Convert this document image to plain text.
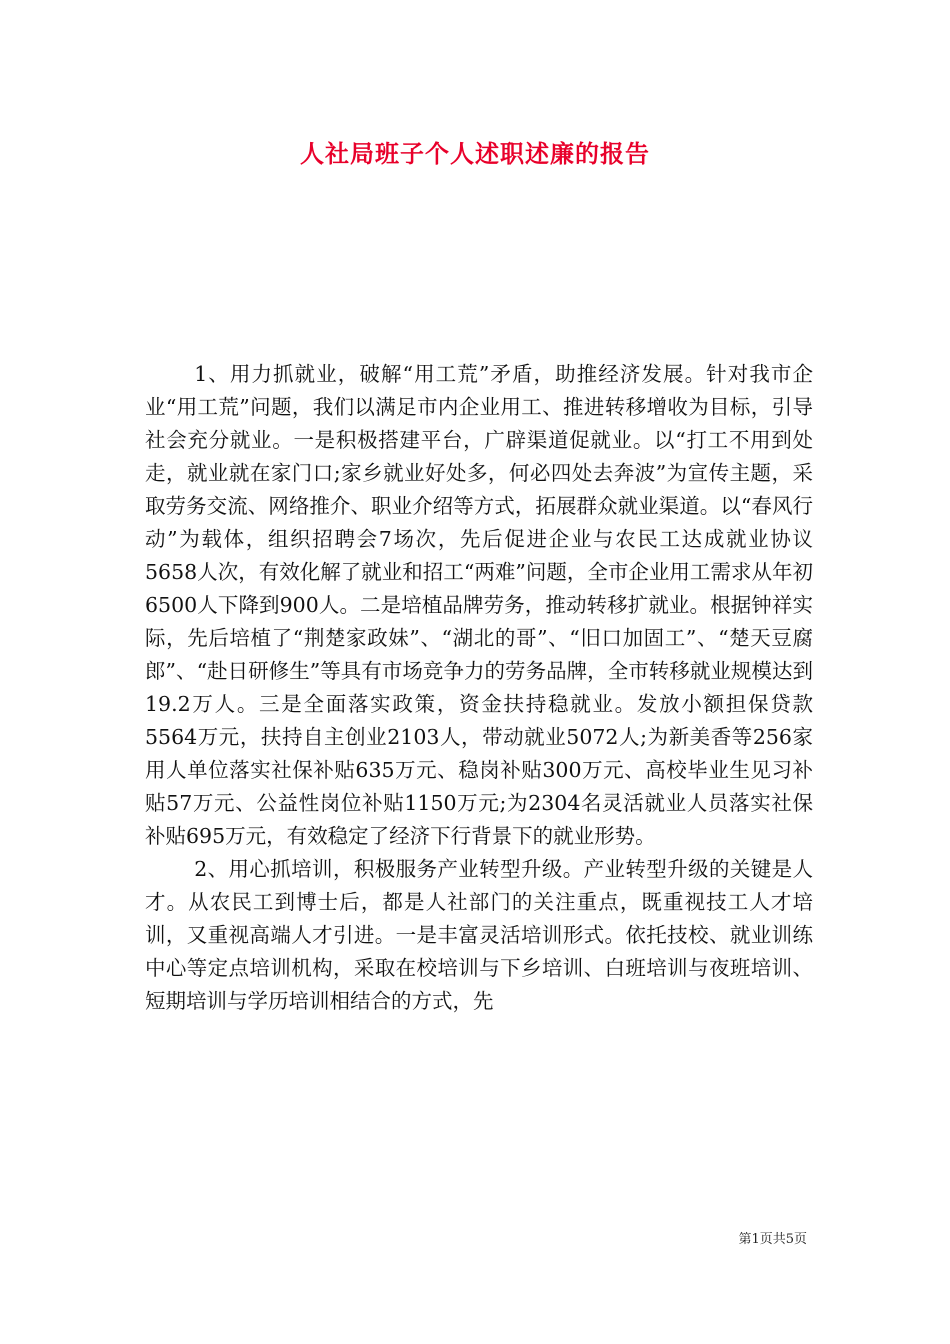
人社局班子个人述职述廉的报告

1、用力抓就业，破解“用工荒”矛盾，助推经济发展。针对我市企业“用工荒”问题，我们以满足市内企业用工、推进转移增收为目标，引导社会充分就业。一是积极搭建平台，广辟渠道促就业。以“打工不用到处走，就业就在家门口;家乡就业好处多，何必四处去奔波”为宣传主题，采取劳务交流、网络推介、职业介绍等方式，拓展群众就业渠道。以“春风行动”为载体，组织招聘会7场次，先后促进企业与农民工达成就业协议5658人次，有效化解了就业和招工“两难”问题，全市企业用工需求从年初6500人下降到900人。二是培植品牌劳务，推动转移扩就业。根据钟祥实际，先后培植了“荆楚家政妹”、“湖北的哥”、“旧口加固工”、“楚天豆腐郎”、“赴日研修生”等具有市场竞争力的劳务品牌，全市转移就业规模达到19.2万人。三是全面落实政策，资金扶持稳就业。发放小额担保贷款5564万元，扶持自主创业2103人，带动就业5072人;为新美香等256家用人单位落实社保补贴635万元、稳岗补贴300万元、高校毕业生见习补贴57万元、公益性岗位补贴1150万元;为2304名灵活就业人员落实社保补贴695万元，有效稳定了经济下行背景下的就业形势。

2、用心抓培训，积极服务产业转型升级。产业转型升级的关键是人才。从农民工到博士后，都是人社部门的关注重点，既重视技工人才培训，又重视高端人才引进。一是丰富灵活培训形式。依托技校、就业训练中心等定点培训机构，采取在校培训与下乡培训、白班培训与夜班培训、短期培训与学历培训相结合的方式，先

第1页共5页
